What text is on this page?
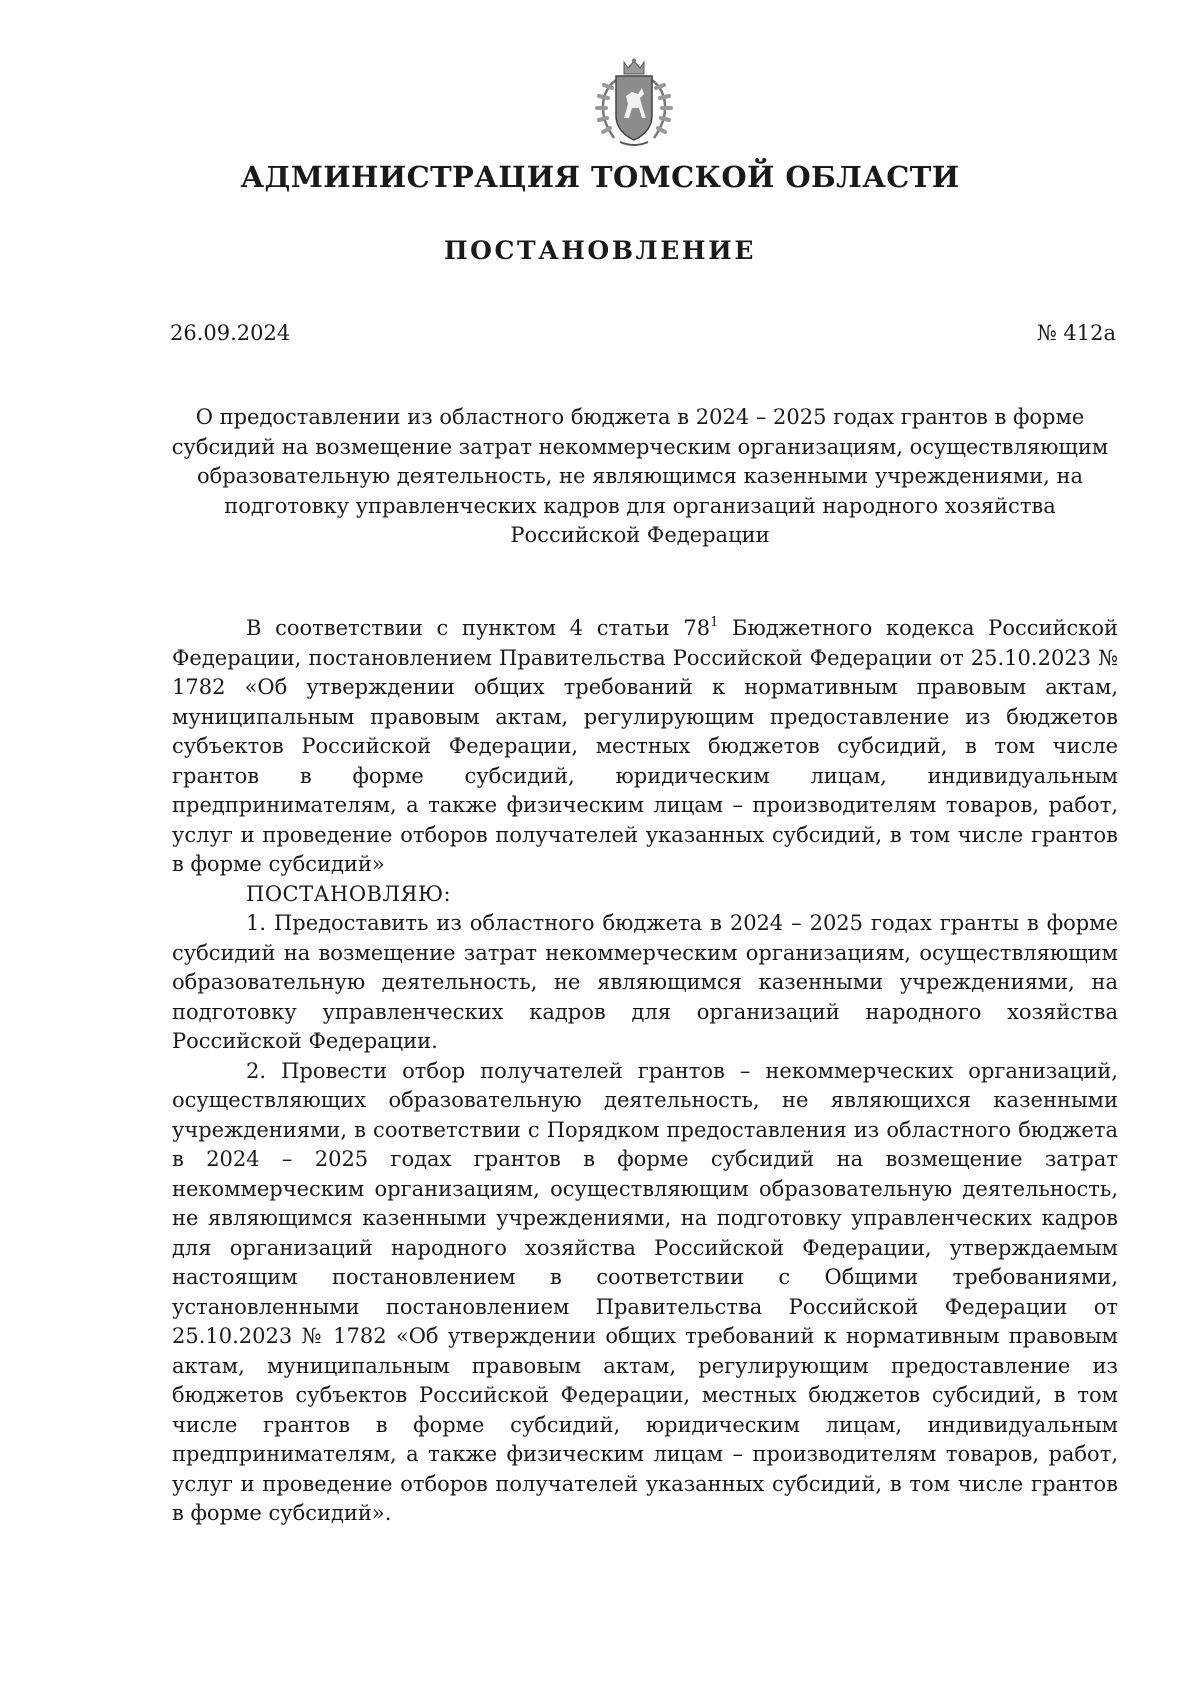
АДМИНИСТРАЦИЯ ТОМСКОЙ ОБЛАСТИ
ПОСТАНОВЛЕНИЕ
26.09.2024	№ 412а
О предоставлении из областного бюджета в 2024 – 2025 годах грантов в форме субсидий на возмещение затрат некоммерческим организациям, осуществляющим образовательную деятельность, не являющимся казенными учреждениями, на подготовку управленческих кадров для организаций народного хозяйства Российской Федерации

В соответствии с пунктом 4 статьи $78^1$ Бюджетного кодекса Российской Федерации, постановлением Правительства Российской Федерации от 25.10.2023 № 1782 «Об утверждении общих требований к нормативным правовым актам, муниципальным правовым актам, регулирующим предоставление из бюджетов субъектов Российской Федерации, местных бюджетов субсидий, в том числе грантов в форме субсидий, юридическим лицам, индивидуальным предпринимателям, а также физическим лицам – производителям товаров, работ, услуг и проведение отборов получателей указанных субсидий, в том числе грантов в форме субсидий»

ПОСТАНОВЛЯЮ:

1. Предоставить из областного бюджета в 2024 – 2025 годах гранты в форме субсидий на возмещение затрат некоммерческим организациям, осуществляющим образовательную деятельность, не являющимся казенными учреждениями, на подготовку управленческих кадров для организаций народного хозяйства Российской Федерации.

2. Провести отбор получателей грантов – некоммерческих организаций, осуществляющих образовательную деятельность, не являющихся казенными учреждениями, в соответствии с Порядком предоставления из областного бюджета в 2024 – 2025 годах грантов в форме субсидий на возмещение затрат некоммерческим организациям, осуществляющим образовательную деятельность, не являющимся казенными учреждениями, на подготовку управленческих кадров для организаций народного хозяйства Российской Федерации, утверждаемым настоящим постановлением в соответствии с Общими требованиями, установленными постановлением Правительства Российской Федерации от 25.10.2023 № 1782 «Об утверждении общих требований к нормативным правовым актам, муниципальным правовым актам, регулирующим предоставление из бюджетов субъектов Российской Федерации, местных бюджетов субсидий, в том числе грантов в форме субсидий, юридическим лицам, индивидуальным предпринимателям, а также физическим лицам – производителям товаров, работ, услуг и проведение отборов получателей указанных субсидий, в том числе грантов в форме субсидий».
